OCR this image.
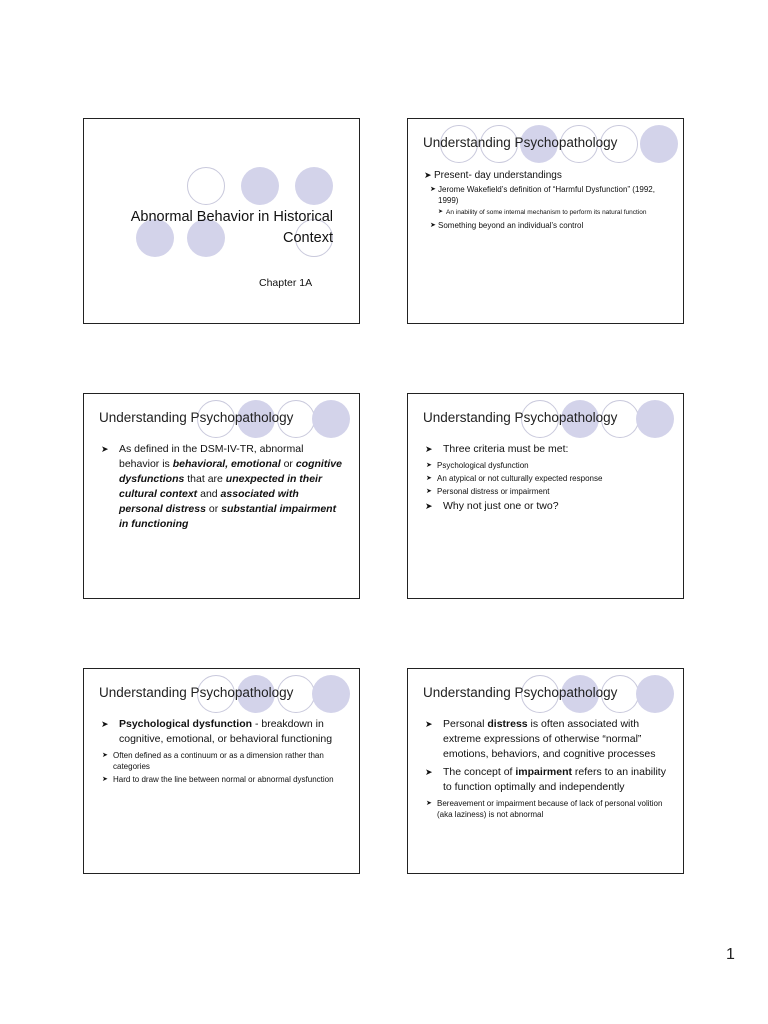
Abnormal Behavior in Historical
Context
Chapter 1A
Understanding Psychopathology
➤ Present- day understandings
➤ Jerome Wakefield’s definition of “Harmful Dysfunction” (1992, 1999)
➤ An inability of some internal mechanism to perform its natural function
➤ Something beyond an individual’s control
Understanding Psychopathology
➤ As defined in the DSM-IV-TR, abnormal behavior is behavioral, emotional or cognitive dysfunctions that are unexpected in their cultural context and associated with personal distress or substantial impairment in functioning
Understanding Psychopathology
➤ Three criteria must be met:
➤ Psychological dysfunction
➤ An atypical or not culturally expected response
➤ Personal distress or impairment
➤ Why not just one or two?
Understanding Psychopathology
➤ Psychological dysfunction - breakdown in cognitive, emotional, or behavioral functioning
➤ Often defined as a continuum or as a dimension rather than categories
➤ Hard to draw the line between normal or abnormal dysfunction
Understanding Psychopathology
➤ Personal distress is often associated with extreme expressions of otherwise “normal” emotions, behaviors, and cognitive processes
➤ The concept of impairment refers to an inability to function optimally and independently
➤ Bereavement or impairment because of lack of personal volition (aka laziness) is not abnormal
1
